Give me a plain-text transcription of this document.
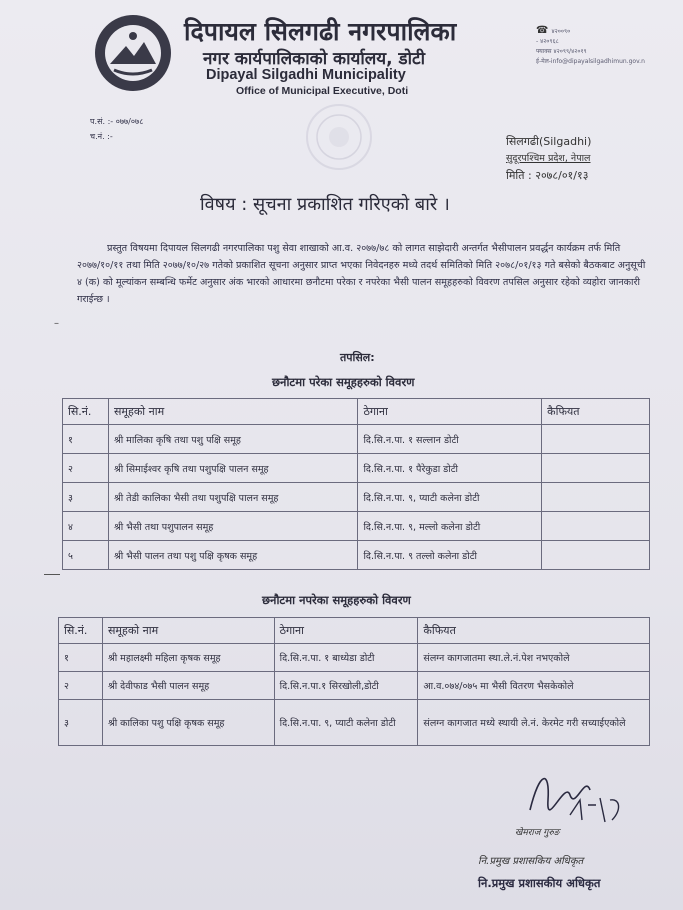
दिपायल सिलगढी नगरपालिका
नगर कार्यपालिकाको कार्यालय, डोटी
Dipayal Silgadhi Municipality
Office of Municipal Executive, Doti
☎ ४२००९०
- ४२०९६८
फ्याक्स ४२०९९/४२०१९
ई-मेल-info@dipayalsilgadhimun.gov.n
प.सं. :- ०७७/०७८
च.नं. :-	सिलगढी(Silgadhi)
सुदूरपश्चिम प्रदेश, नेपाल
मिति : २०७८/०१/१३
विषय : सूचना प्रकाशित गरिएको बारे ।
प्रस्तुत विषयमा दिपायल सिलगढी नगरपालिका पशु सेवा शाखाको आ.व. २०७७/७८ को लागत साझेदारी अन्तर्गत भैसीपालन प्रवर्द्धन कार्यक्रम तर्फ मिति २०७७/१०/११ तथा मिति २०७७/१०/२७ गतेको प्रकाशित सूचना अनुसार प्राप्त भएका निवेदनहरु मध्ये तदर्थ समितिको मिति २०७८/०१/१३ गते बसेको बैठकबाट अनुसूची ४ (क) को मूल्यांकन सम्बन्धि फर्मेट अनुसार अंक भारको आधारमा छनौटमा परेका र नपरेका भैसी पालन समूहहरुको विवरण तपसिल अनुसार रहेको व्यहोरा जानकारी गराईन्छ ।
–
तपसिल:
छनौटमा परेका समूहहरुको विवरण
सि.नं.	समूहको नाम	ठेगाना	कैफियत
१	श्री मालिका कृषि तथा पशु पक्षि समूह	दि.सि.न.पा. १ सल्लान डोटी	
२	श्री सिमाईश्वर कृषि तथा पशुपक्षि पालन समूह	दि.सि.न.पा. १ पैरेकुडा डोटी	
३	श्री तेडी कालिका भैसी तथा पशुपक्षि पालन समूह	दि.सि.न.पा. ९, प्याटी कलेना डोटी	
४	श्री भैसी तथा पशुपालन समूह	दि.सि.न.पा. ९, मल्लो कलेना डोटी	
५	श्री भैसी पालन तथा पशु पक्षि कृषक समूह	दि.सि.न.पा. ९ तल्लो कलेना डोटी	
छनौटमा नपरेका समूहहरुको विवरण
सि.नं.	समूहको नाम	ठेगाना	कैफियत
१	श्री महालक्ष्मी महिला कृषक समूह	दि.सि.न.पा. १ बाध्येडा डोटी	संलग्न कागजातमा स्था.ले.नं.पेश नभएकोले
२	श्री देवीफाड भैसी पालन समूह	दि.सि.न.पा.१ सिरखोली,डोटी	आ.व.०७४/०७५ मा भैसी वितरण भैसकेकोले
३	श्री कालिका पशु पक्षि कृषक समूह	दि.सि.न.पा. ९, प्याटी कलेना डोटी	संलग्न कागजात मध्ये स्थायी ले.नं. केरमेट गरी सच्याईएकोले
खेमराज गुरुङ
नि.प्रमुख प्रशासकिय अधिकृत
नि.प्रमुख प्रशासकीय अधिकृत
